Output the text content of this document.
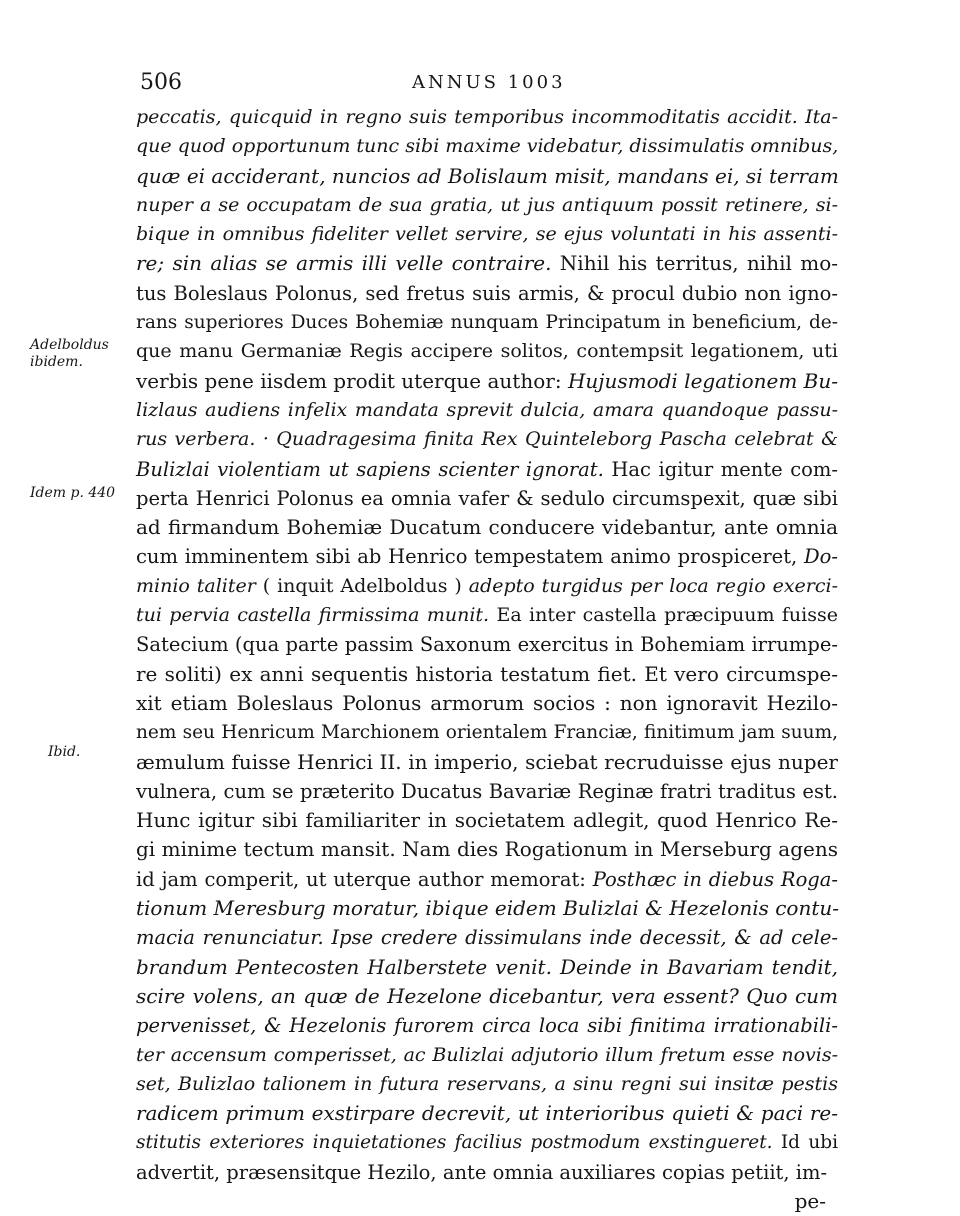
506	ANNUS 1003
Adelboldus ibidem.
Idem p. 440
Ibid.
peccatis, quicquid in regno suis temporibus incommoditatis accidit. Ita-
que quod opportunum tunc sibi maxime videbatur, dissimulatis omnibus,
quæ ei acciderant, nuncios ad Bolislaum misit, mandans ei, si terram
nuper a se occupatam de sua gratia, ut jus antiquum possit retinere, si-
bique in omnibus fideliter vellet servire, se ejus voluntati in his assenti-
re; sin alias se armis illi velle contraire. Nihil his territus, nihil mo-
tus Boleslaus Polonus, sed fretus suis armis, & procul dubio non igno-
rans superiores Duces Bohemiæ nunquam Principatum in beneficium, de-
que manu Germaniæ Regis accipere solitos, contempsit legationem, uti
verbis pene iisdem prodit uterque author: Hujusmodi legationem Bu-
lizlaus audiens infelix mandata sprevit dulcia, amara quandoque passu-
rus verbera. · Quadragesima finita Rex Quinteleborg Pascha celebrat &
Bulizlai violentiam ut sapiens scienter ignorat. Hac igitur mente com-
perta Henrici Polonus ea omnia vafer & sedulo circumspexit, quæ sibi
ad firmandum Bohemiæ Ducatum conducere videbantur, ante omnia
cum imminentem sibi ab Henrico tempestatem animo prospiceret, Do-
minio taliter ( inquit Adelboldus ) adepto turgidus per loca regio exerci-
tui pervia castella firmissima munit. Ea inter castella præcipuum fuisse
Satecium (qua parte passim Saxonum exercitus in Bohemiam irrumpe-
re soliti) ex anni sequentis historia testatum fiet. Et vero circumspe-
xit etiam Boleslaus Polonus armorum socios : non ignoravit Hezilo-
nem seu Henricum Marchionem orientalem Franciæ, finitimum jam suum,
æmulum fuisse Henrici II. in imperio, sciebat recruduisse ejus nuper
vulnera, cum se præterito Ducatus Bavariæ Reginæ fratri traditus est.
Hunc igitur sibi familiariter in societatem adlegit, quod Henrico Re-
gi minime tectum mansit. Nam dies Rogationum in Merseburg agens
id jam comperit, ut uterque author memorat: Posthæc in diebus Roga-
tionum Meresburg moratur, ibique eidem Bulizlai & Hezelonis contu-
macia renunciatur. Ipse credere dissimulans inde decessit, & ad cele-
brandum Pentecosten Halberstete venit. Deinde in Bavariam tendit,
scire volens, an quæ de Hezelone dicebantur, vera essent? Quo cum
pervenisset, & Hezelonis furorem circa loca sibi finitima irrationabili-
ter accensum comperisset, ac Bulizlai adjutorio illum fretum esse novis-
set, Bulizlao talionem in futura reservans, a sinu regni sui insitæ pestis
radicem primum exstirpare decrevit, ut interioribus quieti & paci re-
stitutis exteriores inquietationes facilius postmodum exstingueret. Id ubi
advertit, præsensitque Hezilo, ante omnia auxiliares copias petiit, im-
pe-
